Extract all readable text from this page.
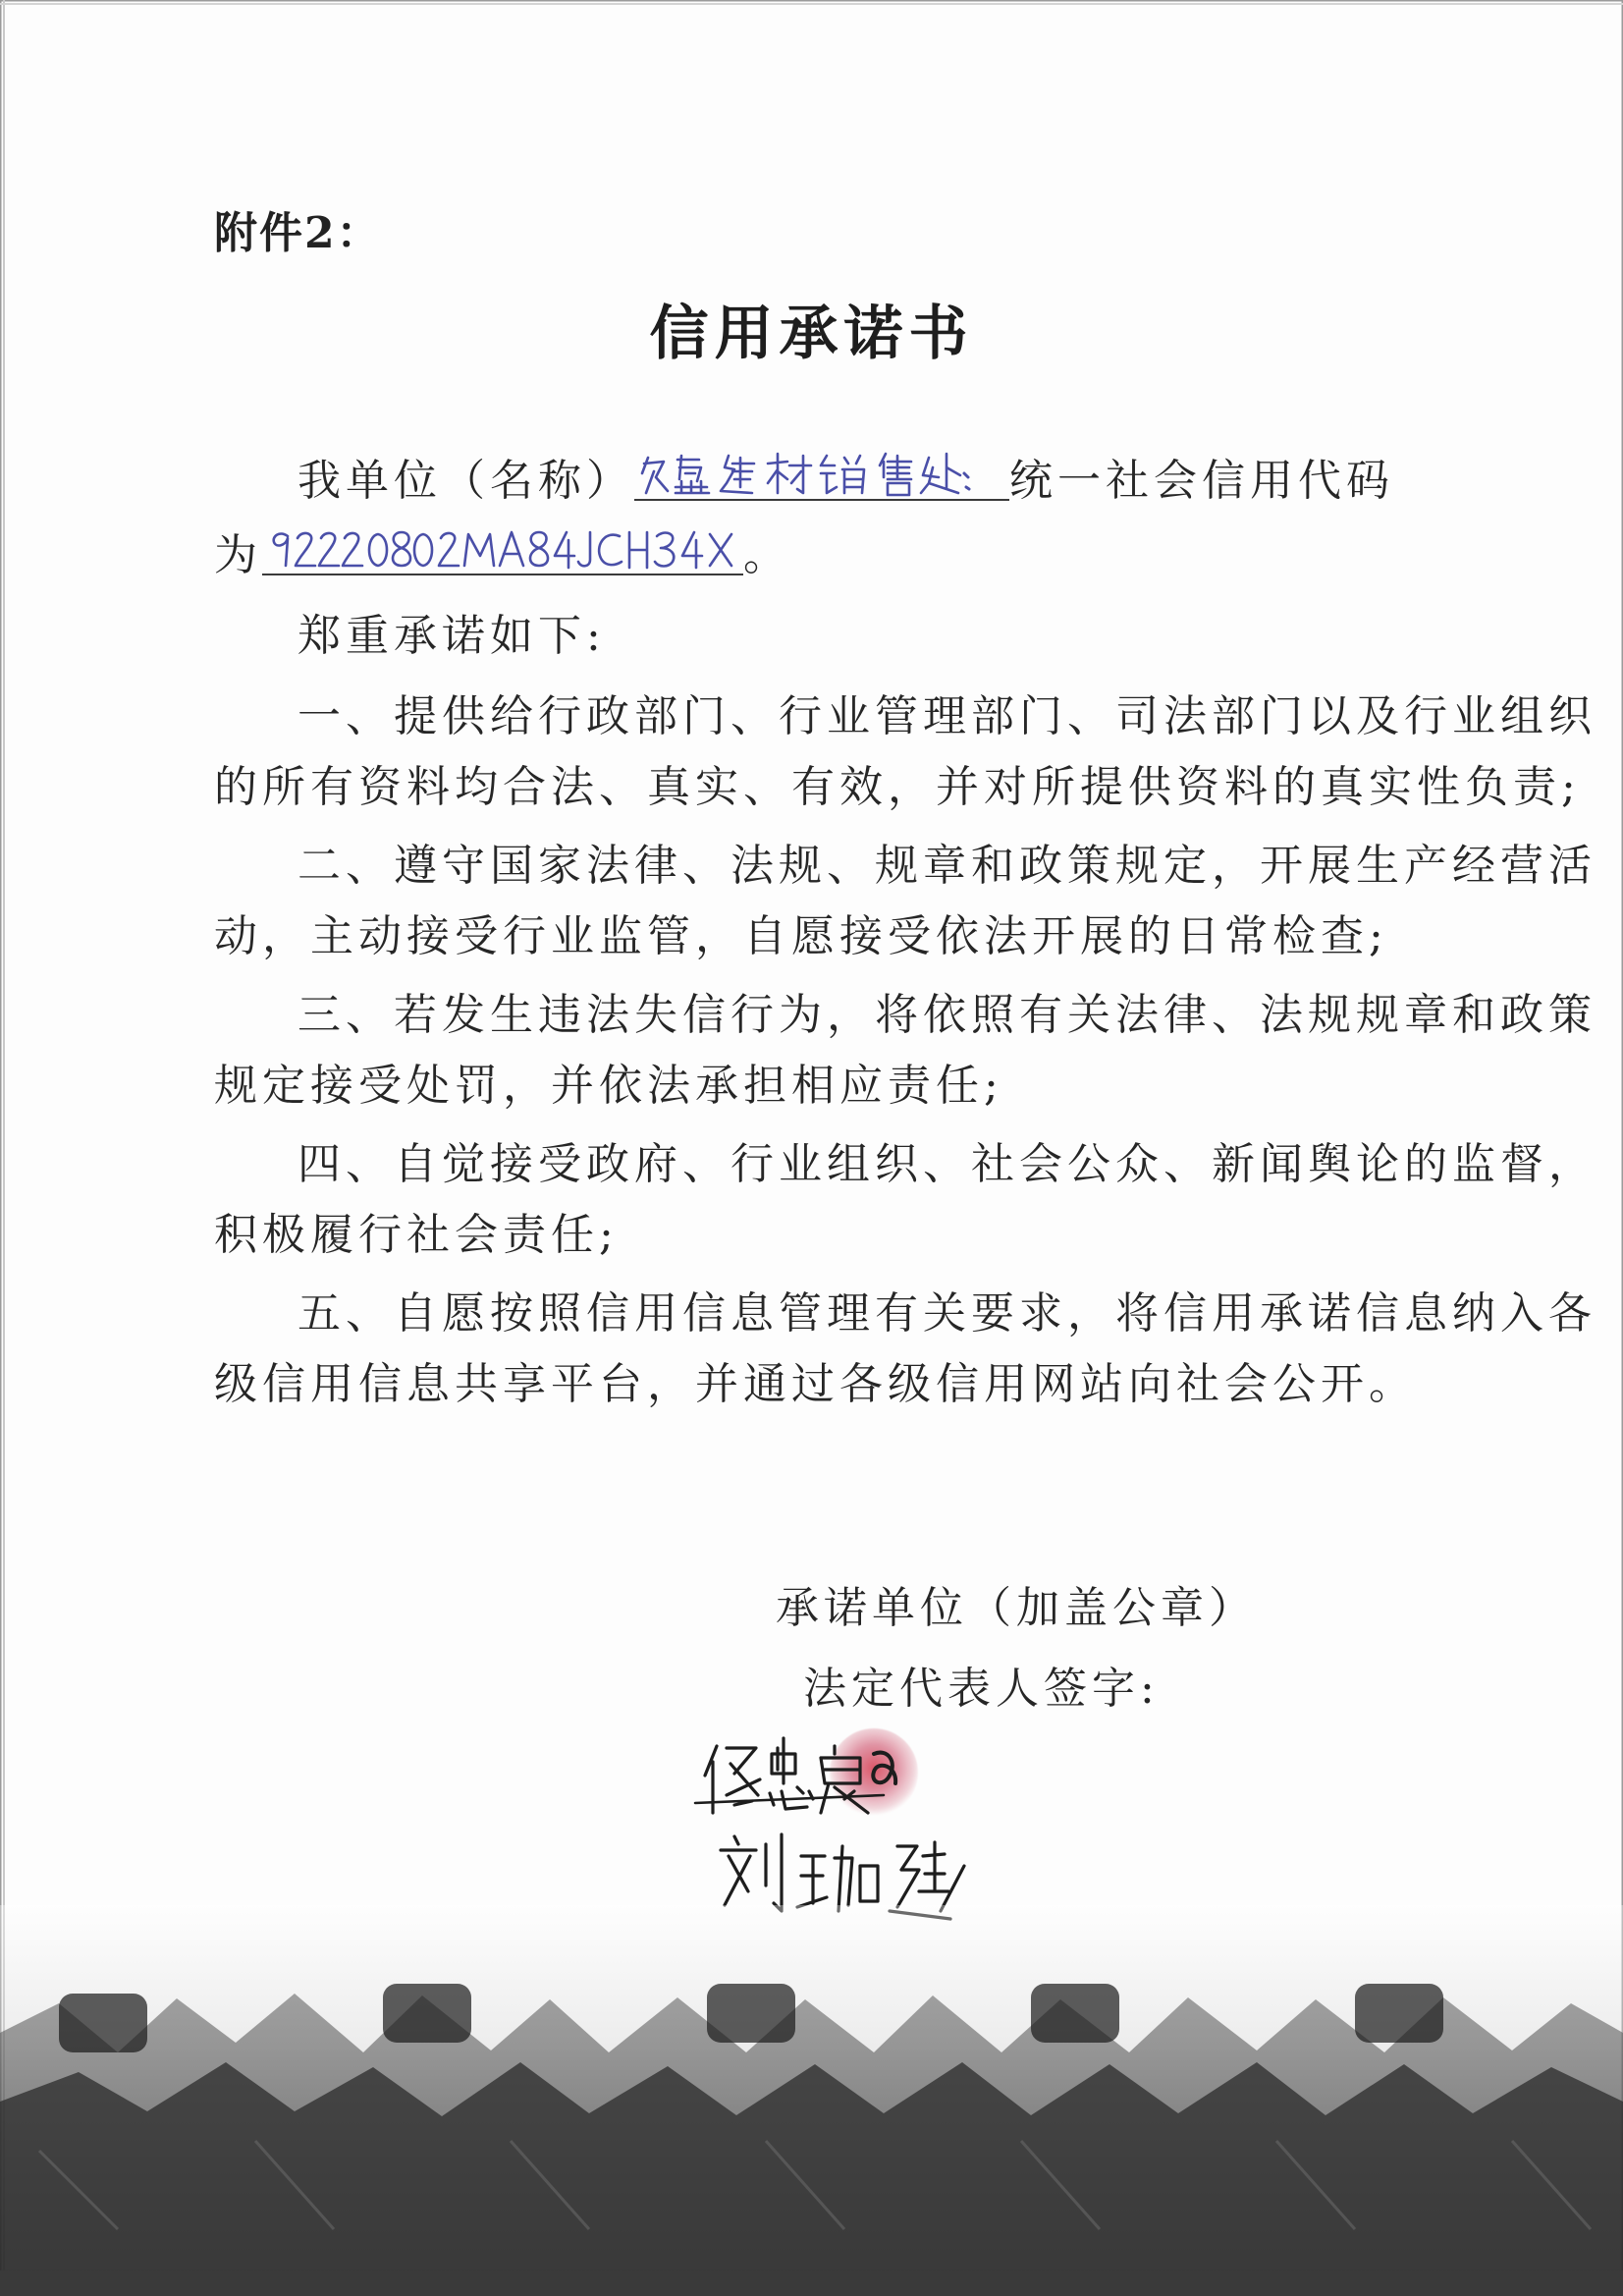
附件2：
信用承诺书
我单位（名称）	统一社会信用代码
为	。
郑重承诺如下:
一、提供给行政部门、行业管理部门、司法部门以及行业组织
的所有资料均合法、真实、有效，并对所提供资料的真实性负责;
二、遵守国家法律、法规、规章和政策规定，开展生产经营活
动，主动接受行业监管，自愿接受依法开展的日常检查;
三、若发生违法失信行为，将依照有关法律、法规规章和政策
规定接受处罚，并依法承担相应责任;
四、自觉接受政府、行业组织、社会公众、新闻舆论的监督，
积极履行社会责任;
五、自愿按照信用信息管理有关要求，将信用承诺信息纳入各
级信用信息共享平台，并通过各级信用网站向社会公开。
承诺单位（加盖公章）
法定代表人签字:
